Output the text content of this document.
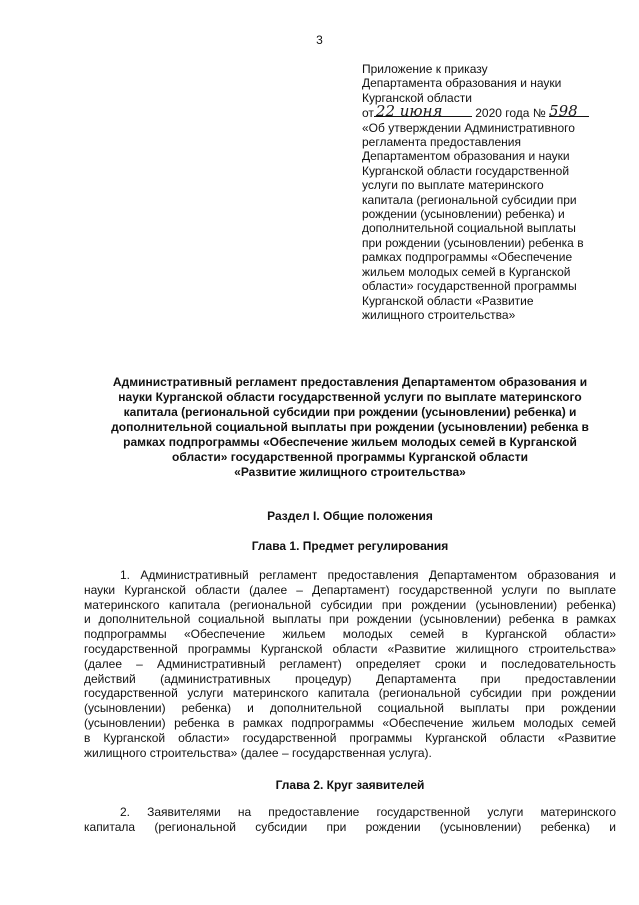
3
Приложение к приказу
Департамента образования и науки
Курганской области
от 22 июня	2020 года № 598
«Об утверждении Административного
регламента предоставления
Департаментом образования и науки
Курганской области государственной
услуги по выплате материнского
капитала (региональной субсидии при
рождении (усыновлении) ребенка) и
дополнительной социальной выплаты
при рождении (усыновлении) ребенка в
рамках подпрограммы «Обеспечение
жильем молодых семей в Курганской
области» государственной программы
Курганской области «Развитие
жилищного строительства»
Административный регламент предоставления Департаментом образования и
науки Курганской области государственной услуги по выплате материнского
капитала (региональной субсидии при рождении (усыновлении) ребенка) и
дополнительной социальной выплаты при рождении (усыновлении) ребенка в
рамках подпрограммы «Обеспечение жильем молодых семей в Курганской
области» государственной программы Курганской области
«Развитие жилищного строительства»
Раздел I. Общие положения
Глава 1. Предмет регулирования
1. Административный регламент предоставления Департаментом образования и
науки Курганской области (далее – Департамент) государственной услуги по выплате
материнского капитала (региональной субсидии при рождении (усыновлении) ребенка)
и дополнительной социальной выплаты при рождении (усыновлении) ребенка в рамках
подпрограммы «Обеспечение жильем молодых семей в Курганской области»
государственной программы Курганской области «Развитие жилищного строительства»
(далее – Административный регламент) определяет сроки и последовательность
действий (административных процедур) Департамента при предоставлении
государственной услуги материнского капитала (региональной субсидии при рождении
(усыновлении) ребенка) и дополнительной социальной выплаты при рождении
(усыновлении) ребенка в рамках подпрограммы «Обеспечение жильем молодых семей
в Курганской области» государственной программы Курганской области «Развитие
жилищного строительства» (далее – государственная услуга).
Глава 2. Круг заявителей
2. Заявителями на предоставление государственной услуги материнского
капитала (региональной субсидии при рождении (усыновлении) ребенка) и
